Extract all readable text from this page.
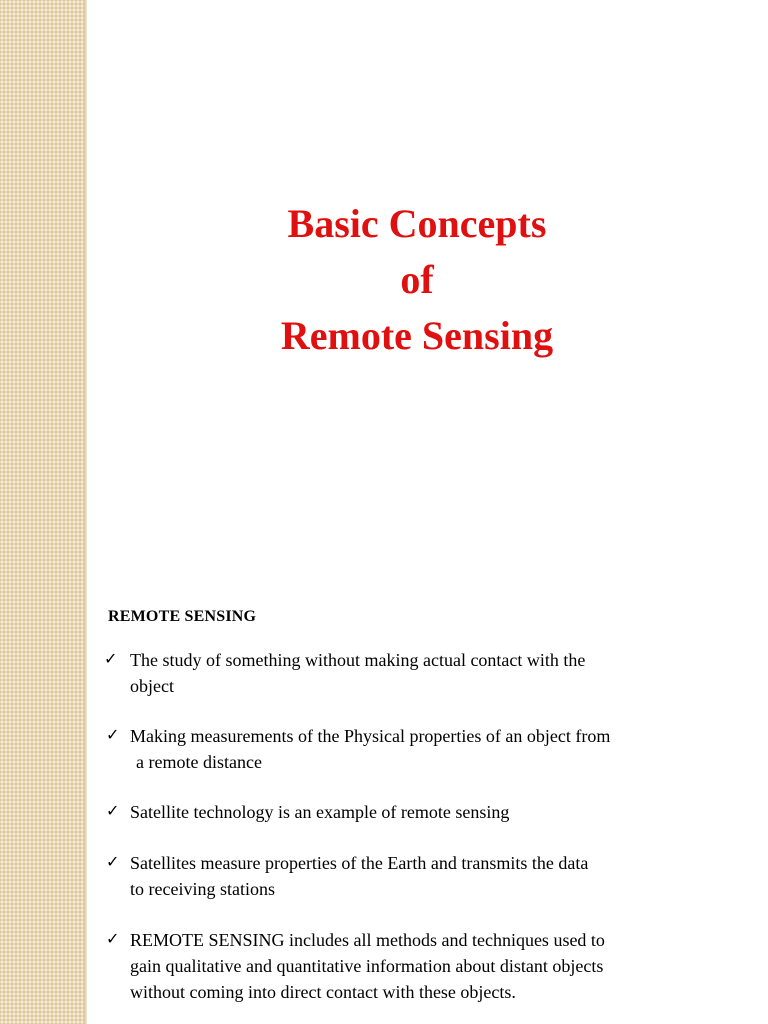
Basic Concepts
of
Remote Sensing
REMOTE SENSING
✓ The study of something without making actual contact with the
object
✓ Making measurements of the Physical properties of an object from
a remote distance
✓ Satellite technology is an example of remote sensing
✓ Satellites measure properties of the Earth and transmits the data
to receiving stations
✓ REMOTE SENSING includes all methods and techniques used to
gain qualitative and quantitative information about distant objects
without coming into direct contact with these objects.
